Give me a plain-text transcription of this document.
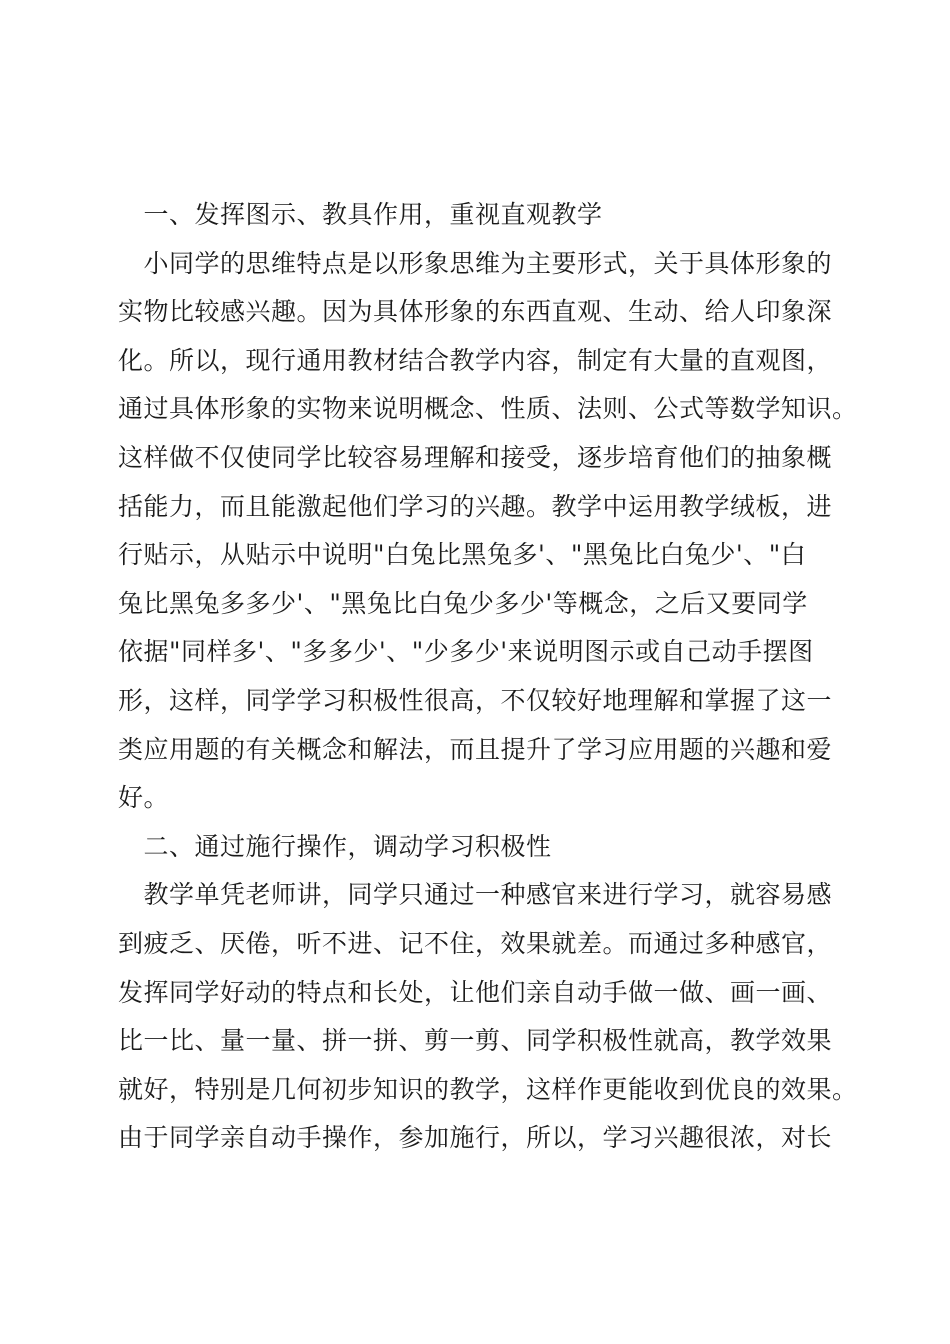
　一、发挥图示、教具作用，重视直观教学
　小同学的思维特点是以形象思维为主要形式，关于具体形象的
实物比较感兴趣。因为具体形象的东西直观、生动、给人印象深
化。所以，现行通用教材结合教学内容，制定有大量的直观图，
通过具体形象的实物来说明概念、性质、法则、公式等数学知识。
这样做不仅使同学比较容易理解和接受，逐步培育他们的抽象概
括能力，而且能激起他们学习的兴趣。教学中运用教学绒板，进
行贴示，从贴示中说明"白兔比黑兔多'、"黑兔比白兔少'、"白
兔比黑兔多多少'、"黑兔比白兔少多少'等概念，之后又要同学
依据"同样多'、"多多少'、"少多少'来说明图示或自己动手摆图
形，这样，同学学习积极性很高，不仅较好地理解和掌握了这一
类应用题的有关概念和解法，而且提升了学习应用题的兴趣和爱
好。
　二、通过施行操作，调动学习积极性
　教学单凭老师讲，同学只通过一种感官来进行学习，就容易感
到疲乏、厌倦，听不进、记不住，效果就差。而通过多种感官，
发挥同学好动的特点和长处，让他们亲自动手做一做、画一画、
比一比、量一量、拼一拼、剪一剪、同学积极性就高，教学效果
就好，特别是几何初步知识的教学，这样作更能收到优良的效果。
由于同学亲自动手操作，参加施行，所以，学习兴趣很浓，对长
